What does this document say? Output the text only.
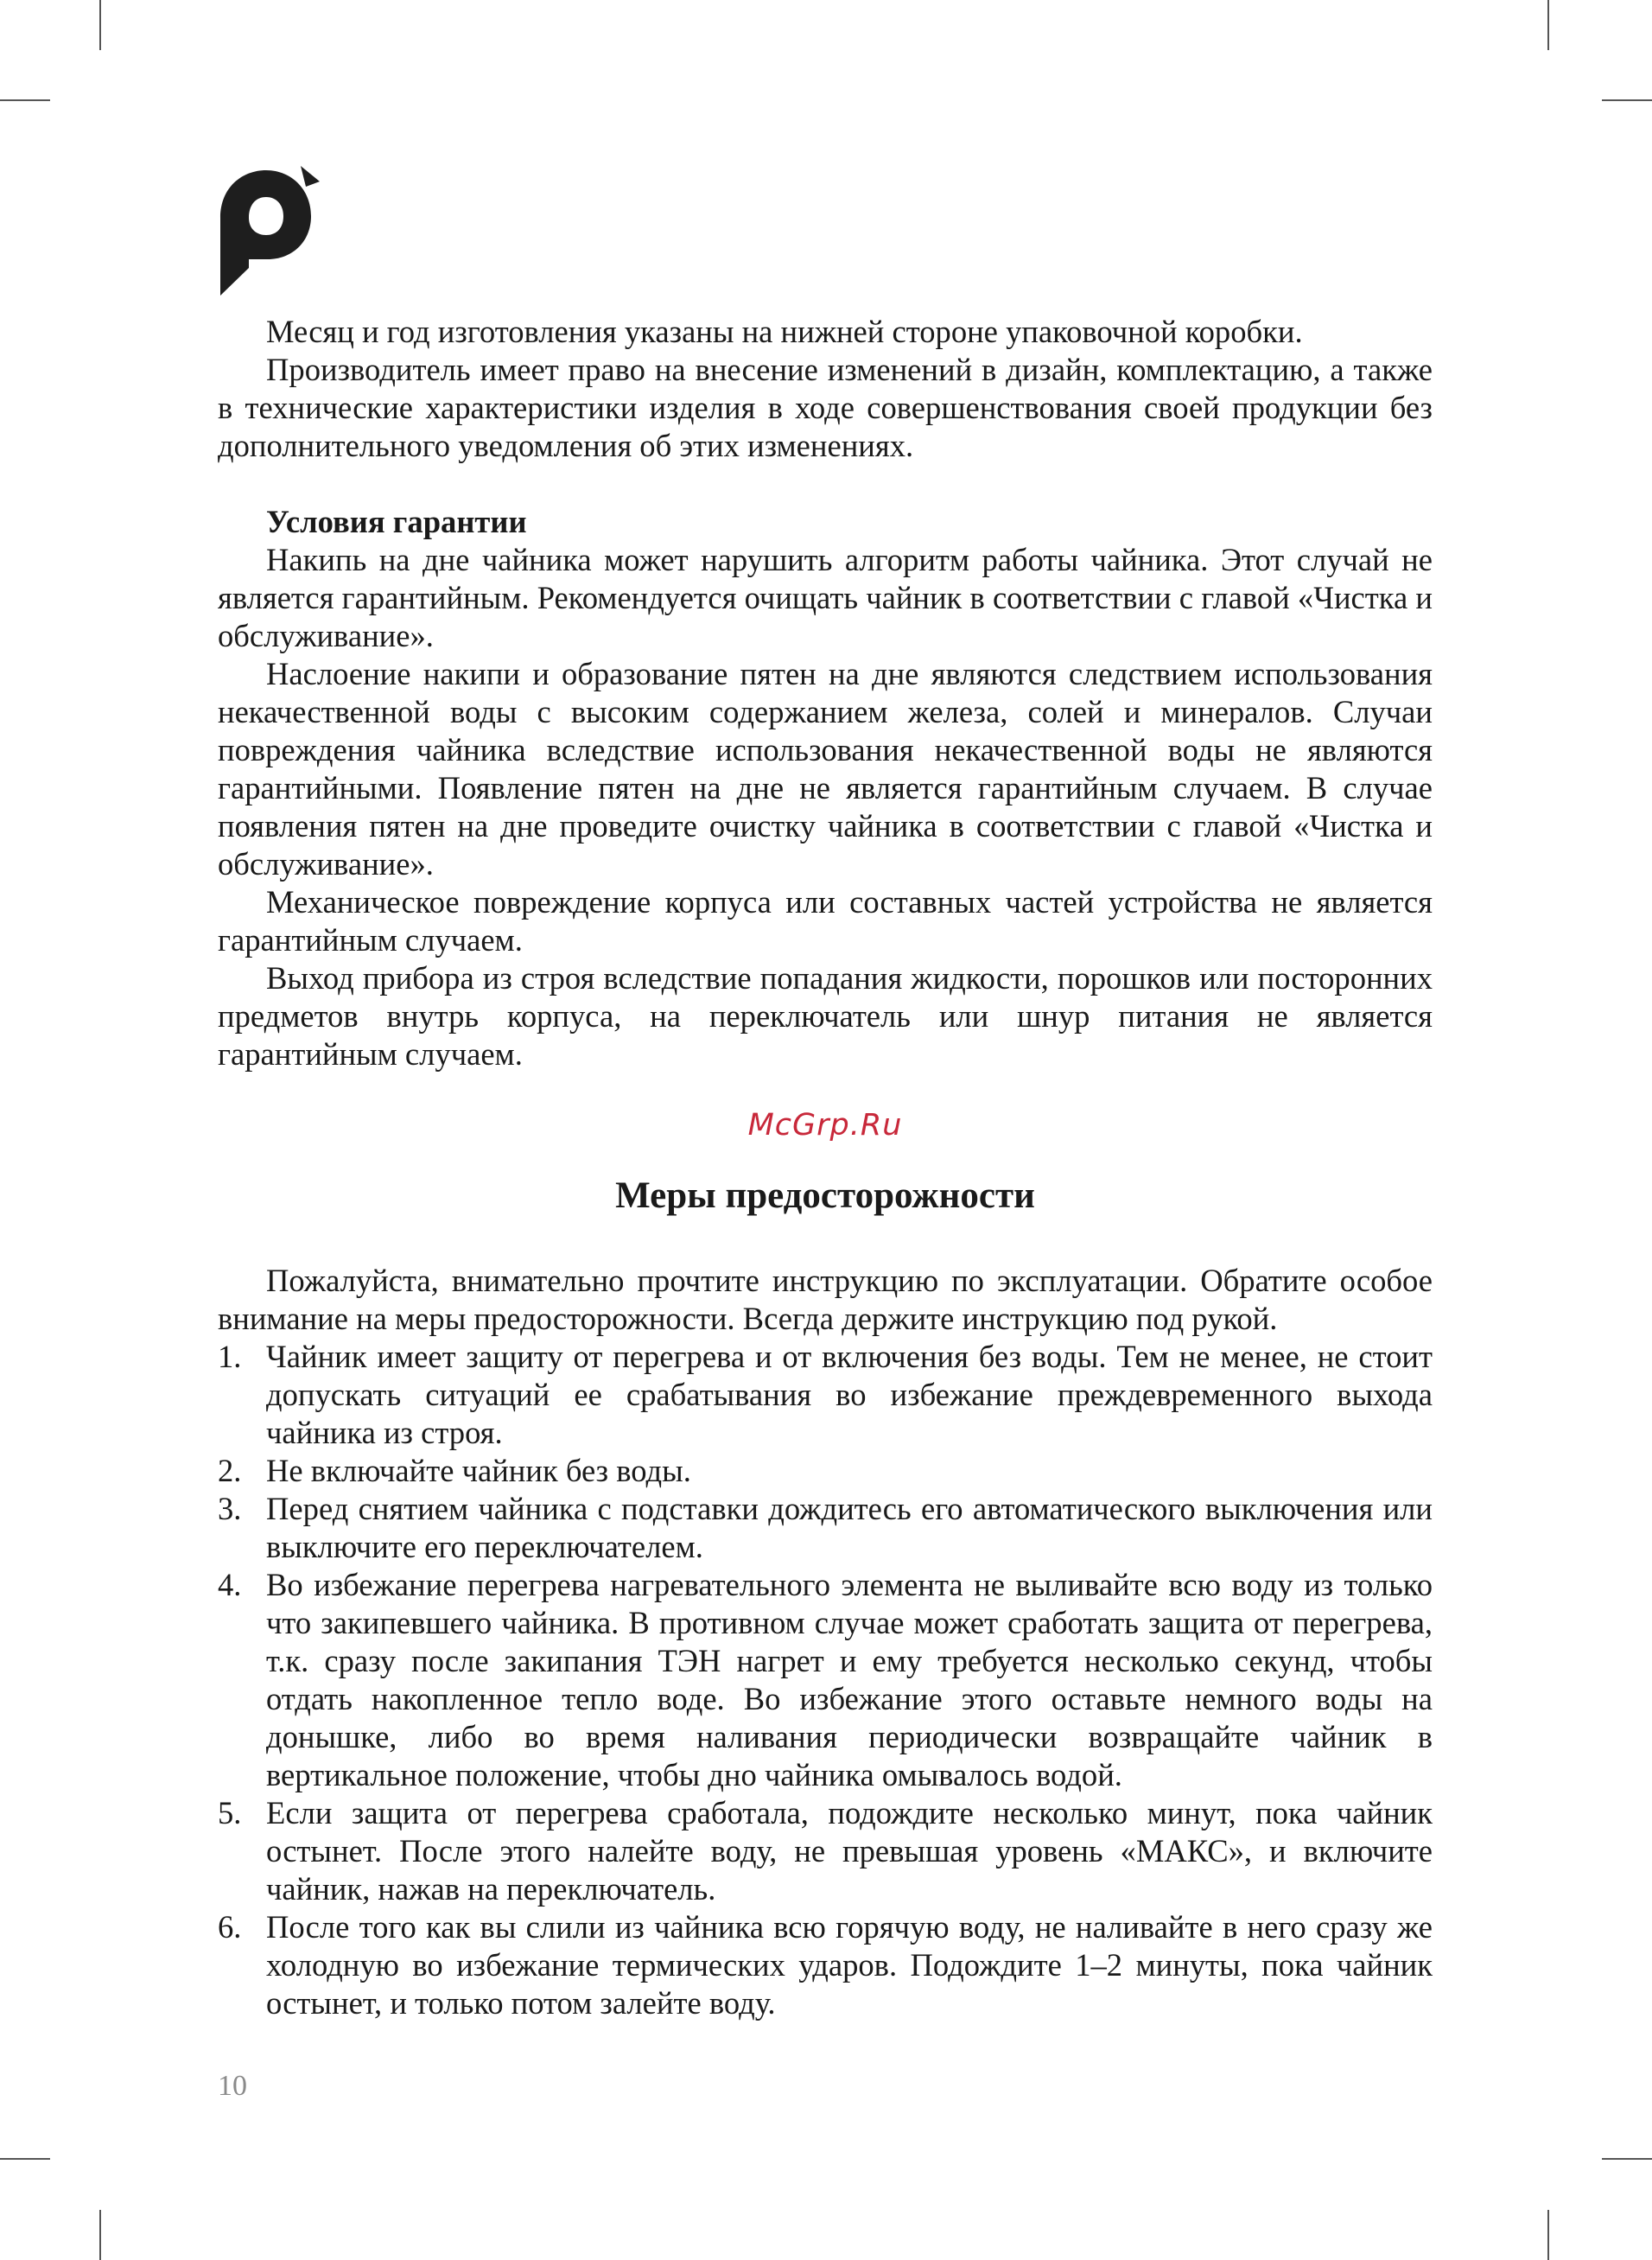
Месяц и год изготовления указаны на нижней стороне упаковочной коробки.

Производитель имеет право на внесение изменений в дизайн, комплектацию, а также в технические характеристики изделия в ходе совершенствования своей продукции без дополнительного уведомления об этих изменениях.

Условия гарантии

Накипь на дне чайника может нарушить алгоритм работы чайника. Этот случай не является гарантийным. Рекомендуется очищать чайник в соответствии с главой «Чистка и обслуживание».

Наслоение накипи и образование пятен на дне являются следствием использования некачественной воды с высоким содержанием железа, солей и минералов. Случаи повреждения чайника вследствие использования некачественной воды не являются гарантийными. Появление пятен на дне не является гарантийным случаем. В случае появления пятен на дне проведите очистку чайника в соответствии с главой «Чистка и обслуживание».

Механическое повреждение корпуса или составных частей устройства не является гарантийным случаем.

Выход прибора из строя вследствие попадания жидкости, порошков или посторонних предметов внутрь корпуса, на переключатель или шнур питания не является гарантийным случаем.

McGrp.Ru
Меры предосторожности

Пожалуйста, внимательно прочтите инструкцию по эксплуатации. Обратите особое внимание на меры предосторожности. Всегда держите инструкцию под рукой.

1. Чайник имеет защиту от перегрева и от включения без воды. Тем не менее, не стоит допускать ситуаций ее срабатывания во избежание преждевременного выхода чайника из строя.
2. Не включайте чайник без воды.
3. Перед снятием чайника с подставки дождитесь его автоматического выключения или выключите его переключателем.
4. Во избежание перегрева нагревательного элемента не выливайте всю воду из только что закипевшего чайника. В противном случае может сработать защита от перегрева, т.к. сразу после закипания ТЭН нагрет и ему требуется несколько секунд, чтобы отдать накопленное тепло воде. Во избежание этого оставьте немного воды на донышке, либо во время наливания периодически возвращайте чайник в вертикальное положение, чтобы дно чайника омывалось водой.
5. Если защита от перегрева сработала, подождите несколько минут, пока чайник остынет. После этого налейте воду, не превышая уровень «МАКС», и включите чайник, нажав на переключатель.
6. После того как вы слили из чайника всю горячую воду, не наливайте в него сразу же холодную во избежание термических ударов. Подождите 1–2 минуты, пока чайник остынет, и только потом залейте воду.
10
